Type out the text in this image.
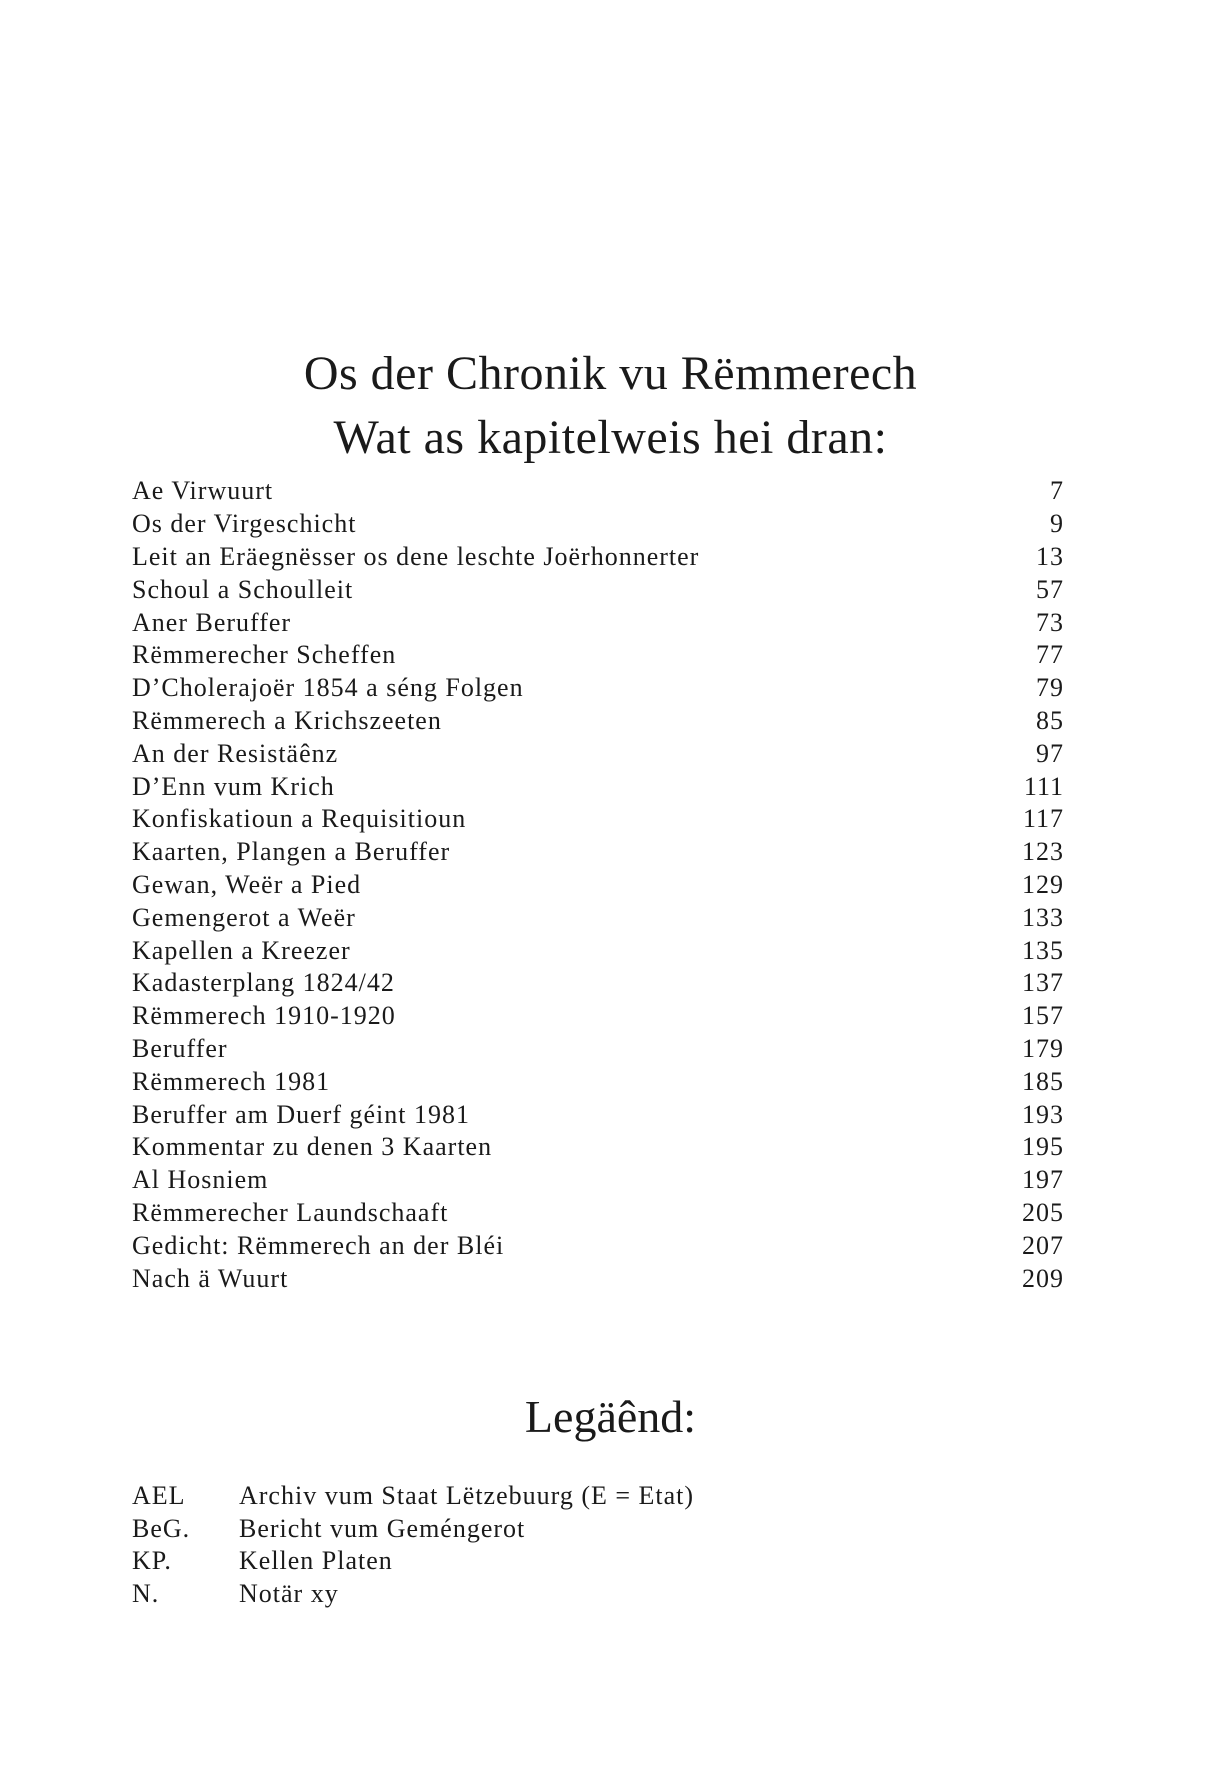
Os der Chronik vu Rëmmerech
Wat as kapitelweis hei dran:
Ae Virwuurt	7
Os der Virgeschicht	9
Leit an Eräegnësser os dene leschte Joërhonnerter	13
Schoul a Schoulleit	57
Aner Beruffer	73
Rëmmerecher Scheffen	77
D’Cholerajoër 1854 a séng Folgen	79
Rëmmerech a Krichszeeten	85
An der Resistäênz	97
D’Enn vum Krich	111
Konfiskatioun a Requisitioun	117
Kaarten, Plangen a Beruffer	123
Gewan, Weër a Pied	129
Gemengerot a Weër	133
Kapellen a Kreezer	135
Kadasterplang 1824/42	137
Rëmmerech 1910-1920	157
Beruffer	179
Rëmmerech 1981	185
Beruffer am Duerf géint 1981	193
Kommentar zu denen 3 Kaarten	195
Al Hosniem	197
Rëmmerecher Laundschaaft	205
Gedicht: Rëmmerech an der Bléi	207
Nach ä Wuurt	209
Legäênd:
AEL	Archiv vum Staat Lëtzebuurg (E = Etat)
BeG.	Bericht vum Geméngerot
KP.	Kellen Platen
N.	Notär xy
